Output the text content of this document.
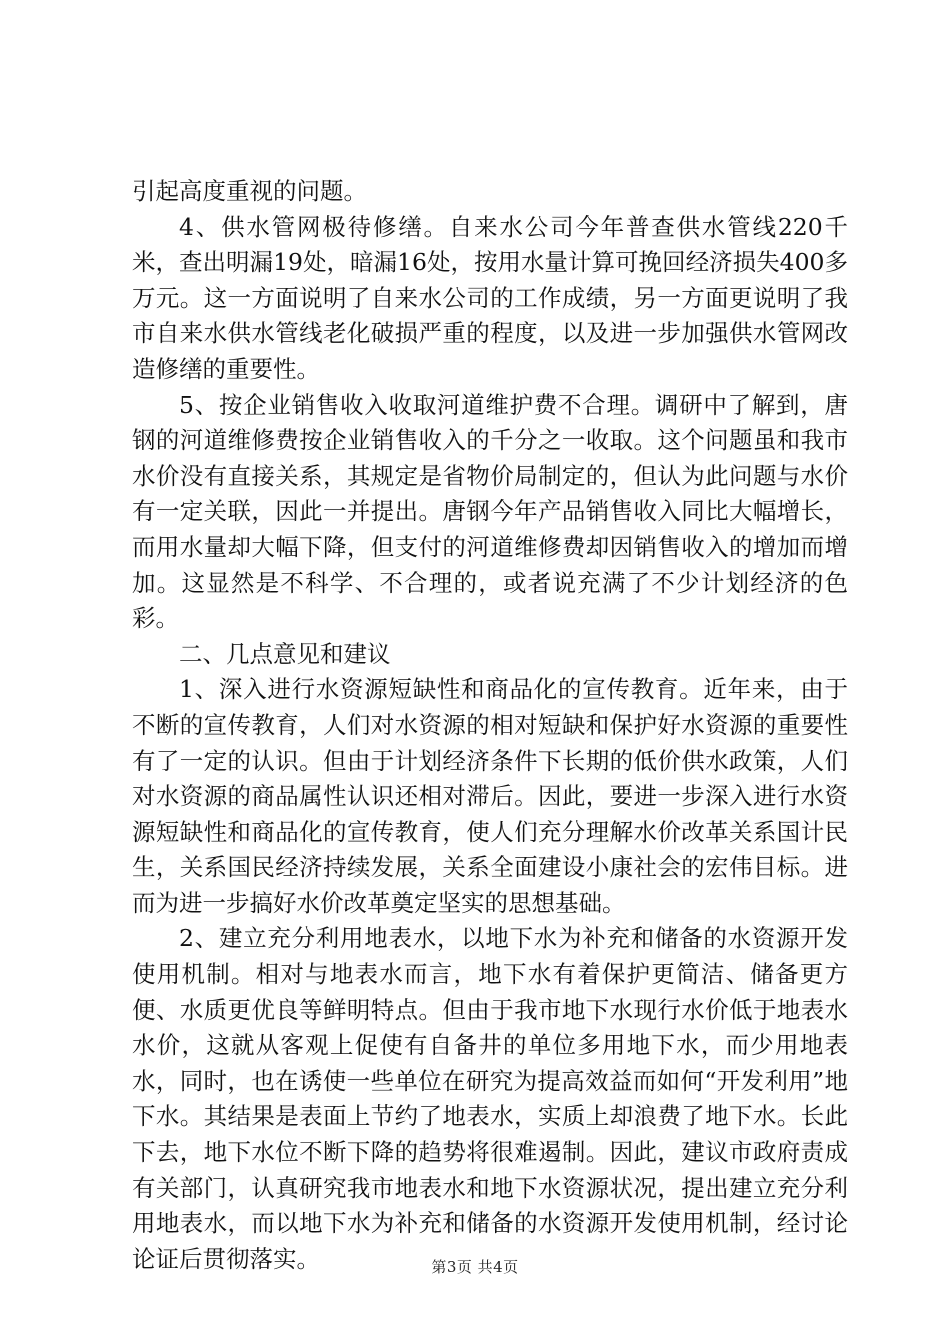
引起高度重视的问题。

4、供水管网极待修缮。自来水公司今年普查供水管线220千米，查出明漏19处，暗漏16处，按用水量计算可挽回经济损失400多万元。这一方面说明了自来水公司的工作成绩，另一方面更说明了我市自来水供水管线老化破损严重的程度，以及进一步加强供水管网改造修缮的重要性。

5、按企业销售收入收取河道维护费不合理。调研中了解到，唐钢的河道维修费按企业销售收入的千分之一收取。这个问题虽和我市水价没有直接关系，其规定是省物价局制定的，但认为此问题与水价有一定关联，因此一并提出。唐钢今年产品销售收入同比大幅增长，而用水量却大幅下降，但支付的河道维修费却因销售收入的增加而增加。这显然是不科学、不合理的，或者说充满了不少计划经济的色彩。

二、几点意见和建议

1、深入进行水资源短缺性和商品化的宣传教育。近年来，由于不断的宣传教育，人们对水资源的相对短缺和保护好水资源的重要性有了一定的认识。但由于计划经济条件下长期的低价供水政策，人们对水资源的商品属性认识还相对滞后。因此，要进一步深入进行水资源短缺性和商品化的宣传教育，使人们充分理解水价改革关系国计民生，关系国民经济持续发展，关系全面建设小康社会的宏伟目标。进而为进一步搞好水价改革奠定坚实的思想基础。

2、建立充分利用地表水，以地下水为补充和储备的水资源开发使用机制。相对与地表水而言，地下水有着保护更简洁、储备更方便、水质更优良等鲜明特点。但由于我市地下水现行水价低于地表水水价，这就从客观上促使有自备井的单位多用地下水，而少用地表水，同时，也在诱使一些单位在研究为提高效益而如何“开发利用”地下水。其结果是表面上节约了地表水，实质上却浪费了地下水。长此下去，地下水位不断下降的趋势将很难遏制。因此，建议市政府责成有关部门，认真研究我市地表水和地下水资源状况，提出建立充分利用地表水，而以地下水为补充和储备的水资源开发使用机制，经讨论论证后贯彻落实。	第3页 共4页
